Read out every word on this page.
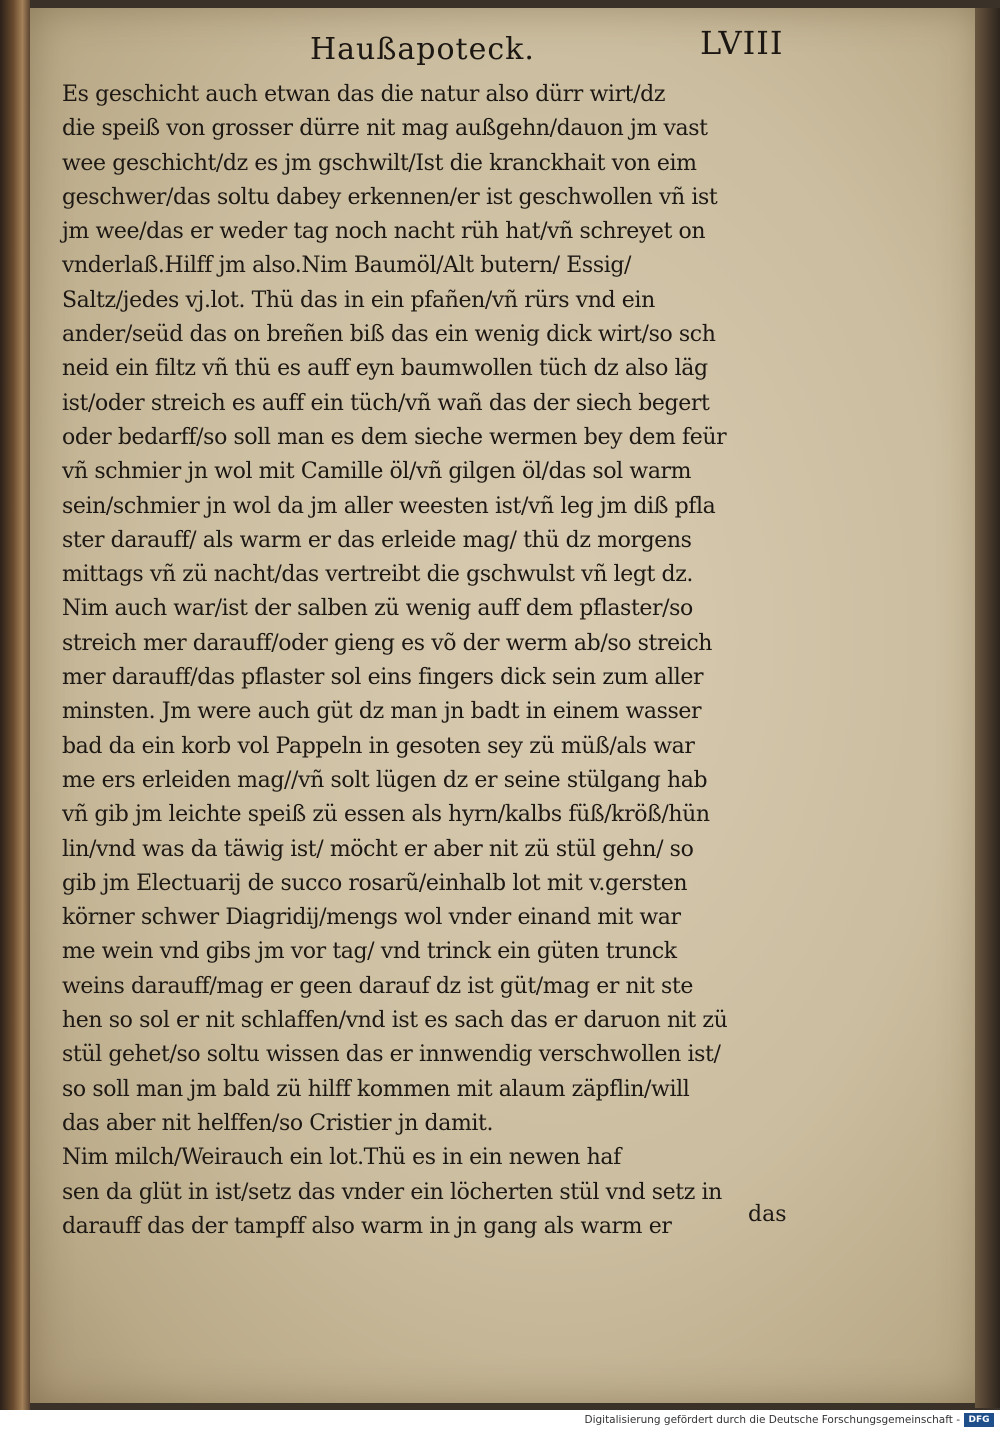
Haußapoteck.	LVIII
Es geschicht auch etwan das die natur also dürr wirt/dz
die speiß von grosser dürre nit mag außgehn/dauon jm vast
wee geschicht/dz es jm gschwilt/Ist die kranckhait von eim
geschwer/das soltu dabey erkennen/er ist geschwollen vñ ist
jm wee/das er weder tag noch nacht rüh hat/vñ schreyet on
vnderlaß.Hilff jm also.Nim Baumöl/Alt butern/ Essig/
Saltz/jedes vj.lot. Thü das in ein pfañen/vñ rürs vnd ein
ander/seüd das on breñen biß das ein wenig dick wirt/so sch
neid ein filtz vñ thü es auff eyn baumwollen tüch dz also läg
ist/oder streich es auff ein tüch/vñ wañ das der siech begert
oder bedarff/so soll man es dem sieche wermen bey dem feür
vñ schmier jn wol mit Camille öl/vñ gilgen öl/das sol warm
sein/schmier jn wol da jm aller weesten ist/vñ leg jm diß pfla
ster darauff/ als warm er das erleide mag/ thü dz morgens
mittags vñ zü nacht/das vertreibt die gschwulst vñ legt dz.
Nim auch war/ist der salben zü wenig auff dem pflaster/so
streich mer darauff/oder gieng es võ der werm ab/so streich
mer darauff/das pflaster sol eins fingers dick sein zum aller
minsten. Jm were auch güt dz man jn badt in einem wasser
bad da ein korb vol Pappeln in gesoten sey zü müß/als war
me ers erleiden mag//vñ solt lügen dz er seine stülgang hab
vñ gib jm leichte speiß zü essen als hyrn/kalbs füß/kröß/hün
lin/vnd was da täwig ist/ möcht er aber nit zü stül gehn/ so
gib jm Electuarij de succo rosarũ/einhalb lot mit v.gersten
körner schwer Diagridij/mengs wol vnder einand mit war
me wein vnd gibs jm vor tag/ vnd trinck ein güten trunck
weins darauff/mag er geen darauf dz ist güt/mag er nit ste
hen so sol er nit schlaffen/vnd ist es sach das er daruon nit zü
stül gehet/so soltu wissen das er innwendig verschwollen ist/
so soll man jm bald zü hilff kommen mit alaum zäpflin/will
das aber nit helffen/so Cristier jn damit.
Nim milch/Weirauch ein lot.Thü es in ein newen haf
sen da glüt in ist/setz das vnder ein löcherten stül vnd setz in
darauff das der tampff also warm in jn gang als warm er	das
Digitalisierung gefördert durch die Deutsche Forschungsgemeinschaft - DFG
